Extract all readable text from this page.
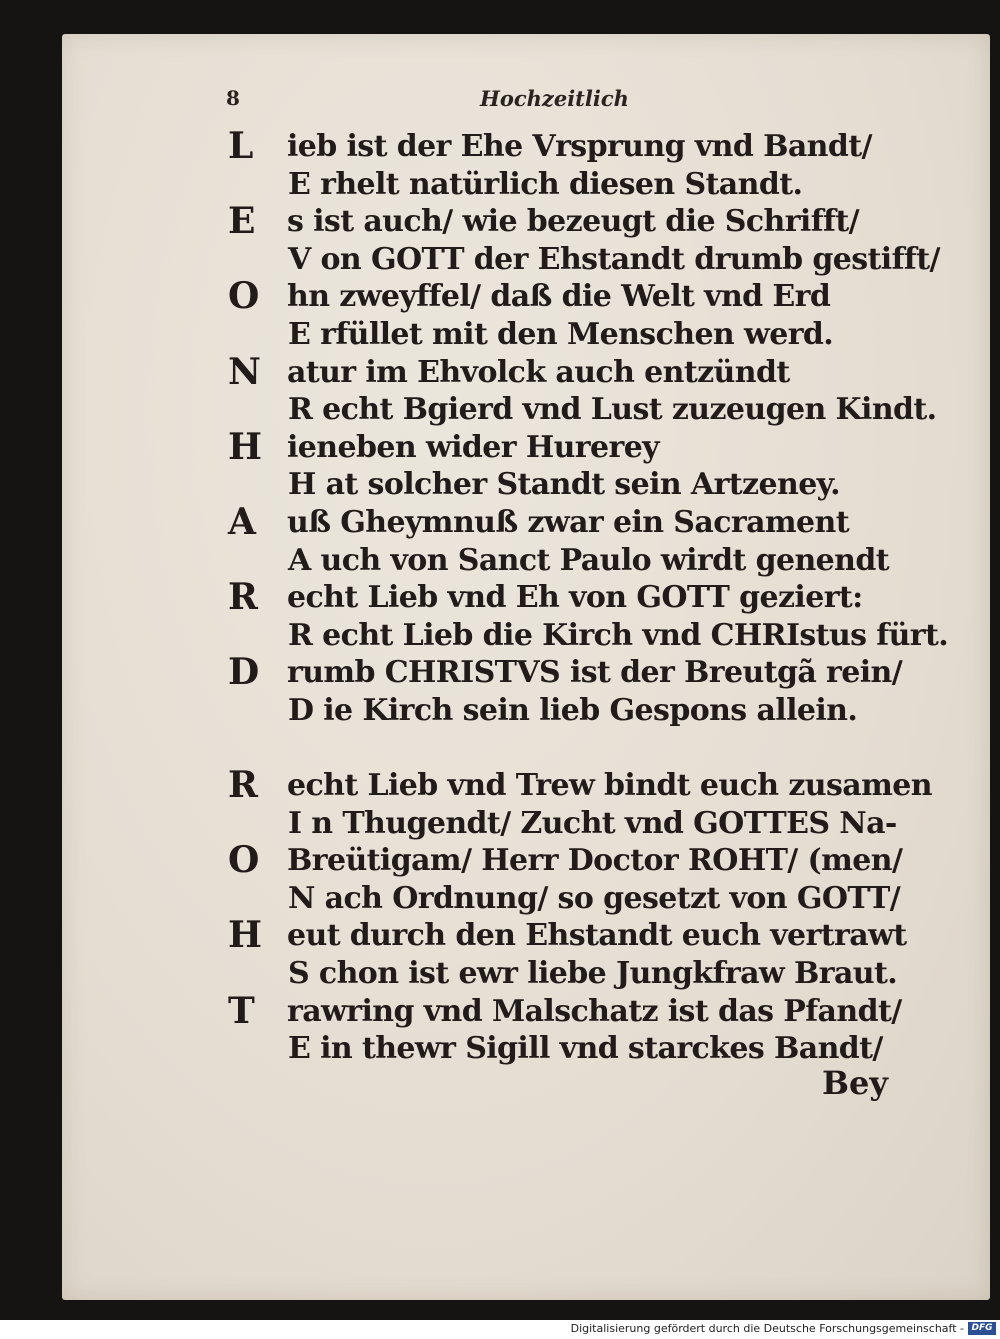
8	Hochzeitlich
L ieb ist der Ehe Vrsprung vnd Bandt/
E rhelt natürlich diesen Standt.
E s ist auch/ wie bezeugt die Schrifft/
V on GOTT der Ehstandt drumb gestifft/
O hn zweyffel/ daß die Welt vnd Erd
E rfüllet mit den Menschen werd.
N atur im Ehvolck auch entzündt
R echt Bgierd vnd Lust zuzeugen Kindt.
H ieneben wider Hurerey
H at solcher Standt sein Artzeney.
A uß Gheymnuß zwar ein Sacrament
A uch von Sanct Paulo wirdt genendt
R echt Lieb vnd Eh von GOTT geziert:
R echt Lieb die Kirch vnd CHRIstus fürt.
D rumb CHRISTVS ist der Breutgã rein/
D ie Kirch sein lieb Gespons allein.
R echt Lieb vnd Trew bindt euch zusamen
I n Thugendt/ Zucht vnd GOTTES Na-
O Breütigam/ Herr Doctor ROHT/ (men/
N ach Ordnung/ so gesetzt von GOTT/
H eut durch den Ehstandt euch vertrawt
S chon ist ewr liebe Jungkfraw Braut.
T rawring vnd Malschatz ist das Pfandt/
E in thewr Sigill vnd starckes Bandt/
Bey
Digitalisierung gefördert durch die Deutsche Forschungsgemeinschaft - DFG
